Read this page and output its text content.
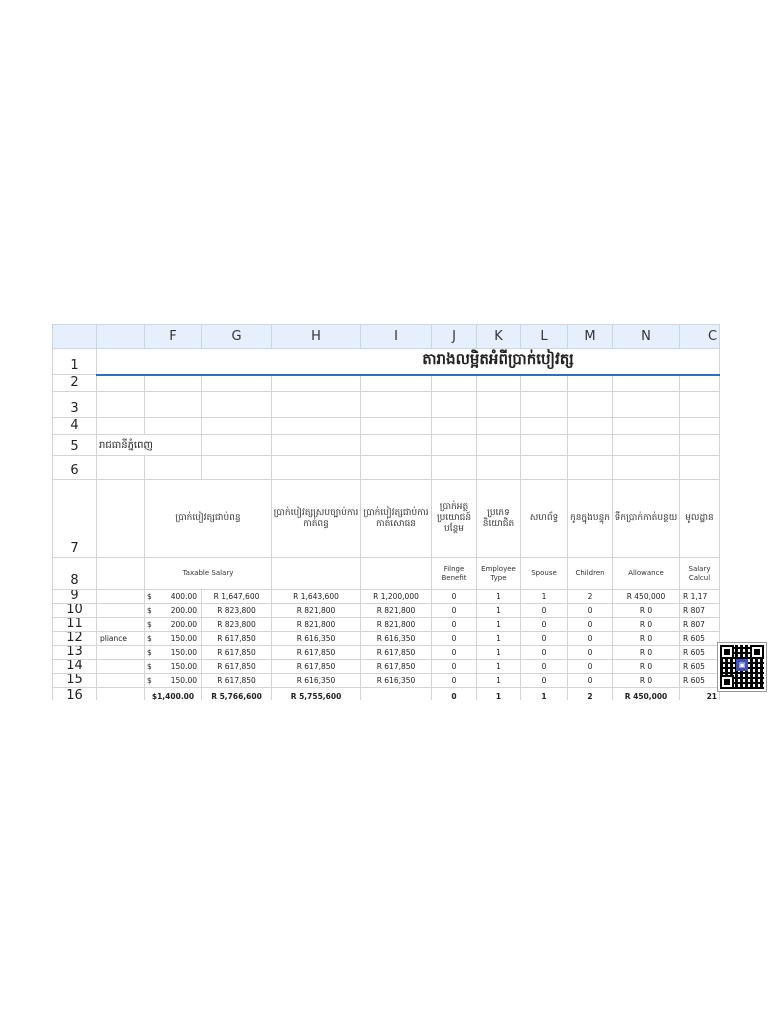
		F	G	H	I	J	K	L	M	N	C
1	តារាងលម្អិតអំពីប្រាក់បៀវត្ស										
2											
3											
4											
5	រាជធានីភ្នំពេញ										
6											
7		ប្រាក់បៀវត្សជាប់ពន្ធ		ប្រាក់បៀវត្សស្របច្បាប់ការកាត់ពន្ធ	ប្រាក់បៀវត្សជាប់ការកាត់សោធន	ប្រាក់អត្ថប្រយោជន៍បន្ថែម	ប្រភេទនិយោជិត	សហព័ទ្ធ	កូនក្នុងបន្ទុក	ទឹកប្រាក់កាត់បន្ថយ	មូលដ្ឋាន
8		Taxable Salary				Filnge Benefit	Employee Type	Spouse	Children	Allowance	Salary Calcul
9		$ 400.00	R 1,647,600	R 1,643,600	R 1,200,000	0	1	1	2	R 450,000	R 1,17
10		$ 200.00	R 823,800	R 821,800	R 821,800	0	1	0	0	R 0	R 807
11		$ 200.00	R 823,800	R 821,800	R 821,800	0	1	0	0	R 0	R 807
12	pliance	$ 150.00	R 617,850	R 616,350	R 616,350	0	1	0	0	R 0	R 605
13		$ 150.00	R 617,850	R 617,850	R 617,850	0	1	0	0	R 0	R 605
14		$ 150.00	R 617,850	R 617,850	R 617,850	0	1	0	0	R 0	R 605
15		$ 150.00	R 617,850	R 616,350	R 616,350	0	1	0	0	R 0	R 605
16		$1,400.00	R 5,766,600	R 5,755,600		0	1	1	2	R 450,000	21

▣
